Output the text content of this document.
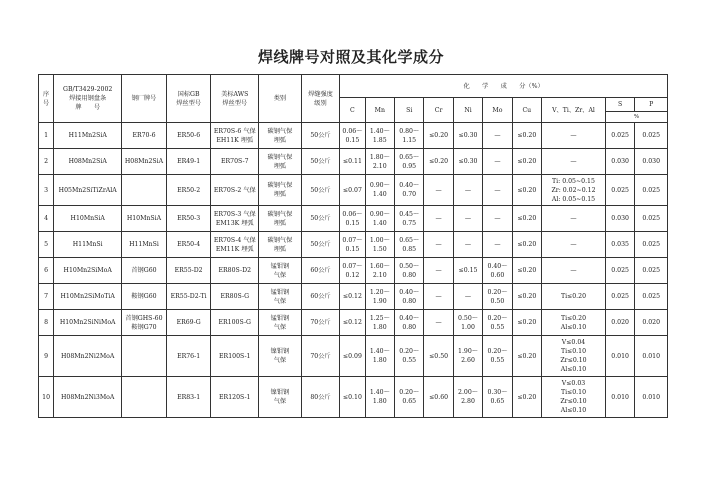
焊线牌号对照及其化学成分
序
号	GB/T3429-2002
焊接用钢盘条
牌　　号	钢厂牌号	国标GB
焊丝型号	美标AWS
焊丝型号	类别	焊缝强度
级别	化　　学　　成　　分（%）									
							C	Mn	Si	Cr	Ni	Mo	Cu	V、Ti、Zr、Al	S	P
															%	
1	H11Mn2SiA	ER70-6	ER50-6	ER70S-6 气保
EH11K 埋弧	碳钢气保
埋弧	50公斤	0.06～
0.15	1.40～
1.85	0.80～
1.15	≤0.20	≤0.30	—	≤0.20	—	0.025	0.025
2	H08Mn2SiA	H08Mn2SiA	ER49-1	ER70S-7	碳钢气保
埋弧	50公斤	≤0.11	1.80～
2.10	0.65～
0.95	≤0.20	≤0.30	—	≤0.20	—	0.030	0.030
3	H05Mn2SiTiZrAlA		ER50-2	ER70S-2 气保	碳钢气保
埋弧	50公斤	≤0.07	0.90～
1.40	0.40～
0.70	—	—	—	≤0.20	Ti: 0.05~0.15
Zr: 0.02~0.12
Al: 0.05~0.15	0.025	0.025
4	H10MnSiA	H10MnSiA	ER50-3	ER70S-3 气保
EM13K 埋弧	碳钢气保
埋弧	50公斤	0.06～
0.15	0.90～
1.40	0.45～
0.75	—	—	—	≤0.20	—	0.030	0.025
5	H11MnSi	H11MnSi	ER50-4	ER70S-4 气保
EM11K 埋弧	碳钢气保
埋弧	50公斤	0.07～
0.15	1.00～
1.50	0.65～
0.85	—	—	—	≤0.20	—	0.035	0.025
6	H10Mn2SiMoA	首钢G60	ER55-D2	ER80S-D2	锰钼钢
气保	60公斤	0.07～
0.12	1.60～
2.10	0.50～
0.80	—	≤0.15	0.40～
0.60	≤0.20	—	0.025	0.025
7	H10Mn2SiMoTiA	鞍钢G60	ER55-D2-Ti	ER80S-G	锰钼钢
气保	60公斤	≤0.12	1.20～
1.90	0.40～
0.80	—	—	0.20～
0.50	≤0.20	Ti≤0.20	0.025	0.025
8	H10Mn2SiNiMoA	首钢GHS-60
鞍钢G70	ER69-G	ER100S-G	锰钼钢
气保	70公斤	≤0.12	1.25～
1.80	0.40～
0.80	—	0.50～
1.00	0.20～
0.55	≤0.20	Ti≤0.20
Al≤0.10	0.020	0.020
9	H08Mn2Ni2MoA		ER76-1	ER100S-1	镍钼钢
气保	70公斤	≤0.09	1.40～
1.80	0.20～
0.55	≤0.50	1.90～
2.60	0.20～
0.55	≤0.20	V≤0.04
Ti≤0.10
Zr≤0.10
Al≤0.10	0.010	0.010
10	H08Mn2Ni3MoA		ER83-1	ER120S-1	镍钼钢
气保	80公斤	≤0.10	1.40～
1.80	0.20～
0.65	≤0.60	2.00～
2.80	0.30～
0.65	≤0.20	V≤0.03
Ti≤0.10
Zr≤0.10
Al≤0.10	0.010	0.010
